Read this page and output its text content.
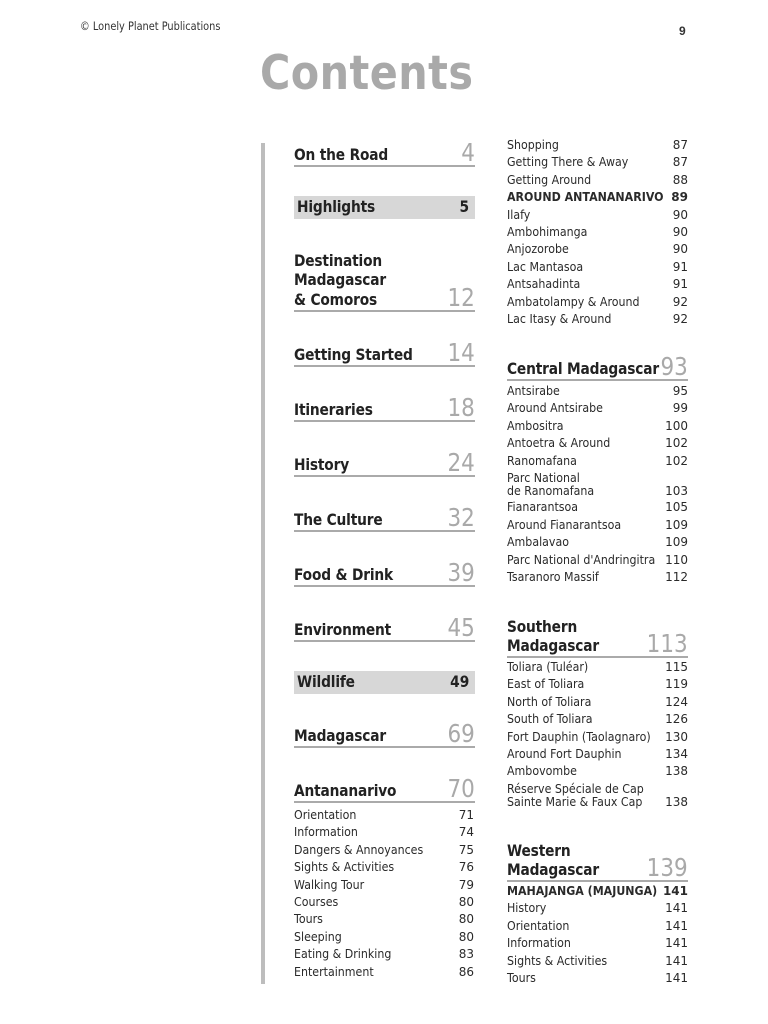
© Lonely Planet Publications	9
Contents
On the Road	4
Highlights	5
Destination
Madagascar
& Comoros	12
Getting Started 14
Itineraries	18
History	24
The Culture	32
Food & Drink 39
Environment 45
Wildlife	49
Madagascar 69
Antananarivo 70
Orientation	71
Information	74
Dangers & Annoyances	75
Sights & Activities	76
Walking Tour	79
Courses	80
Tours	80
Sleeping	80
Eating & Drinking	83
Entertainment	86
Shopping	87
Getting There & Away	87
Getting Around	88
AROUND ANTANANARIVO 89
Ilafy	90
Ambohimanga	90
Anjozorobe	90
Lac Mantasoa	91
Antsahadinta	91
Ambatolampy & Around	92
Lac Itasy & Around	92
Central Madagascar 93
Antsirabe	95
Around Antsirabe	99
Ambositra	100
Antoetra & Around	102
Ranomafana	102
Parc National
de Ranomafana	103
Fianarantsoa	105
Around Fianarantsoa	109
Ambalavao	109
Parc National d'Andringitra 110
Tsaranoro Massif	112
Southern
Madagascar 113
Toliara (Tuléar)	115
East of Toliara	119
North of Toliara	124
South of Toliara	126
Fort Dauphin (Taolagnaro) 130
Around Fort Dauphin	134
Ambovombe	138
Réserve Spéciale de Cap
Sainte Marie & Faux Cap 138
Western
Madagascar 139
MAHAJANGA (MAJUNGA) 141
History	141
Orientation	141
Information	141
Sights & Activities	141
Tours	141
